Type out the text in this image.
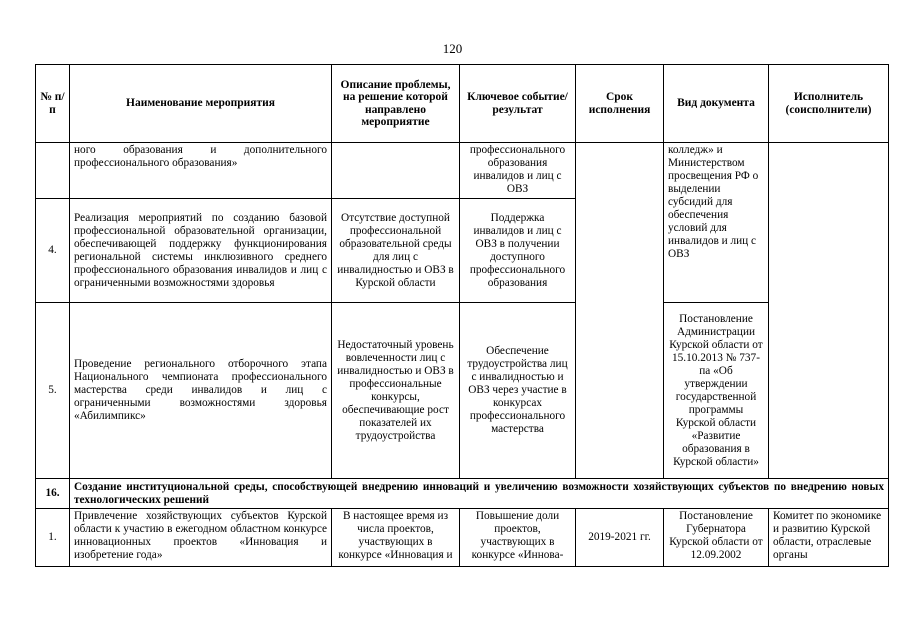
120
№ п/п	Наименование мероприятия	Описание проблемы, на решение которой направлено мероприятие	Ключевое событие/ результат	Срок исполнения	Вид документа	Исполнитель (соисполнители)
	ного образования и дополнительного профессионального образования»		профессионального образования инвалидов и лиц с ОВЗ		колледж» и Министерством просвещения РФ о выделении субсидий для обеспечения условий для инвалидов и лиц с ОВЗ	
4.	Реализация мероприятий по созданию базовой профессиональной образовательной организации, обеспечивающей поддержку функционирования региональной системы инклюзивного среднего профессионального образования инвалидов и лиц с ограниченными возможностями здоровья	Отсутствие доступной профессиональной образовательной среды для лиц с инвалидностью и ОВЗ в Курской области	Поддержка инвалидов и лиц с ОВЗ в получении доступного профессионального образования			
5.	Проведение регионального отборочного этапа Национального чемпионата профессионального мастерства среди инвалидов и лиц с ограниченными возможностями здоровья «Абилимпикс»	Недостаточный уровень вовлеченности лиц с инвалидностью и ОВЗ в профессиональные конкурсы, обеспечивающие рост показателей их трудоустройства	Обеспечение трудоустройства лиц с инвалидностью и ОВЗ через участие в конкурсах профессионального мастерства		Постановление Администрации Курской области от 15.10.2013 № 737-па «Об утверждении государственной программы Курской области «Развитие образования в Курской области»	
16.	Создание институциональной среды, способствующей внедрению инноваций и увеличению возможности хозяйствующих субъектов по внедрению новых технологических решений					
1.	Привлечение хозяйствующих субъектов Курской области к участию в ежегодном областном конкурсе инновационных проектов «Инновация и изобретение года»	В настоящее время из числа проектов, участвующих в конкурсе «Инновация и	Повышение доли проектов, участвующих в конкурсе «Иннова-	2019-2021 гг.	Постановление Губернатора Курской области от 12.09.2002	Комитет по экономике и развитию Курской области, отраслевые органы
